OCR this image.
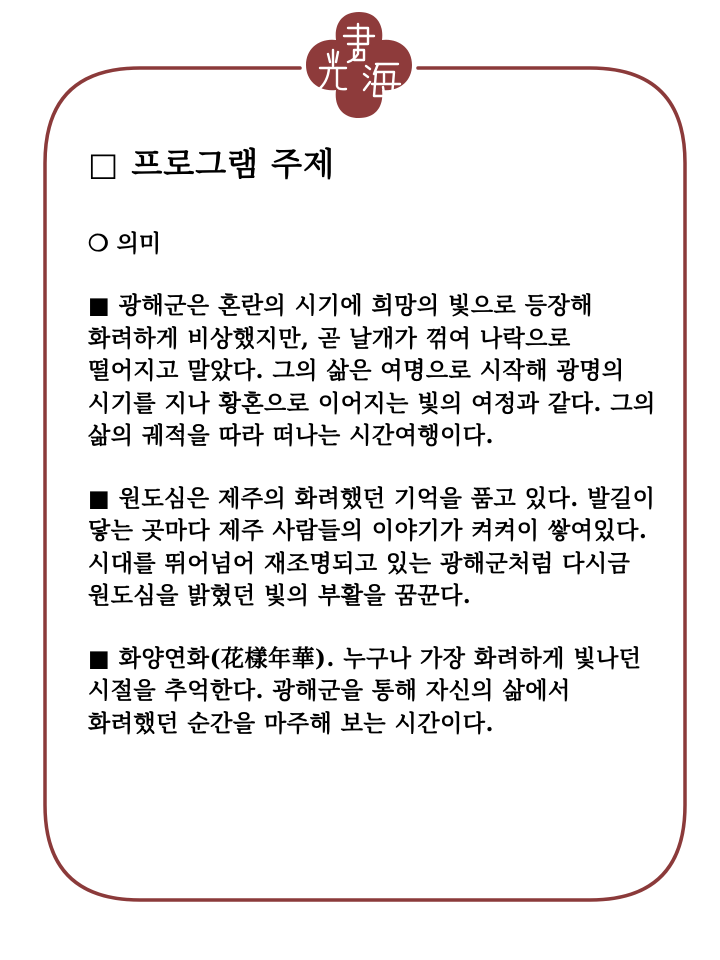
□ 프로그램 주제
❍ 의미

■ 광해군은 혼란의 시기에 희망의 빛으로 등장해 화려하게 비상했지만, 곧 날개가 꺾여 나락으로 떨어지고 말았다. 그의 삶은 여명으로 시작해 광명의 시기를 지나 황혼으로 이어지는 빛의 여정과 같다. 그의 삶의 궤적을 따라 떠나는 시간여행이다.

■ 원도심은 제주의 화려했던 기억을 품고 있다. 발길이 닿는 곳마다 제주 사람들의 이야기가 켜켜이 쌓여있다. 시대를 뛰어넘어 재조명되고 있는 광해군처럼 다시금 원도심을 밝혔던 빛의 부활을 꿈꾼다.

■ 화양연화(花樣年華). 누구나 가장 화려하게 빛나던 시절을 추억한다. 광해군을 통해 자신의 삶에서 화려했던 순간을 마주해 보는 시간이다.
